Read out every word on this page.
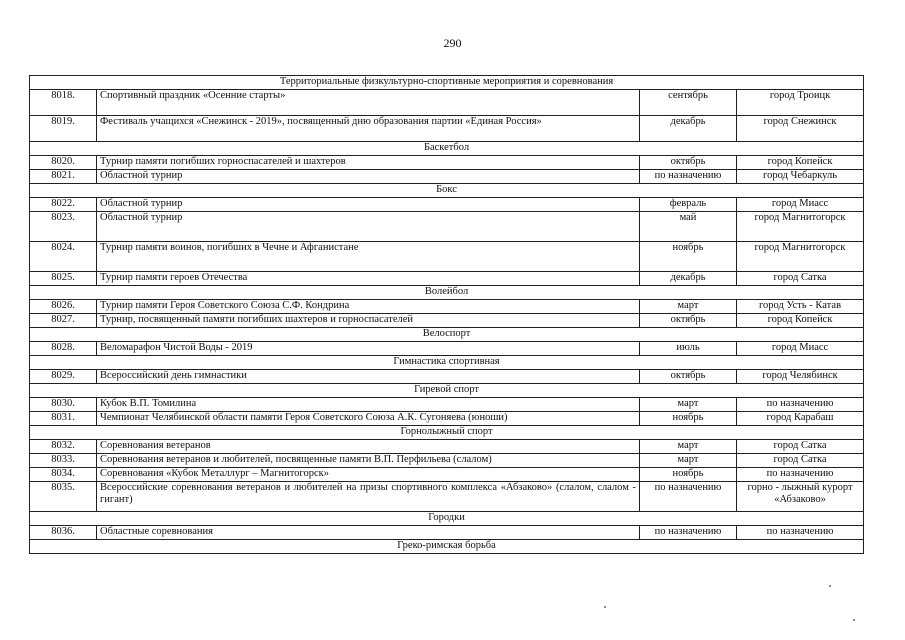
290
Территориальные физкультурно-спортивные мероприятия и соревнования			
8018.	Спортивный праздник «Осенние старты»	сентябрь	город Троицк
8019.	Фестиваль учащихся «Снежинск - 2019», посвященный дню образования партии «Единая Россия»	декабрь	город Снежинск
Баскетбол			
8020.	Турнир памяти погибших горноспасателей и шахтеров	октябрь	город Копейск
8021.	Областной турнир	по назначению	город Чебаркуль
Бокс			
8022.	Областной турнир	февраль	город Миасс
8023.	Областной турнир	май	город Магнитогорск
8024.	Турнир памяти воинов, погибших в Чечне и Афганистане	ноябрь	город Магнитогорск
8025.	Турнир памяти героев Отечества	декабрь	город Сатка
Волейбол			
8026.	Турнир памяти Героя Советского Союза С.Ф. Кондрина	март	город Усть - Катав
8027.	Турнир, посвященный памяти погибших шахтеров и горноспасателей	октябрь	город Копейск
Велоспорт			
8028.	Веломарафон Чистой Воды - 2019	июль	город Миасс
Гимнастика спортивная			
8029.	Всероссийский день гимнастики	октябрь	город Челябинск
Гиревой спорт			
8030.	Кубок В.П. Томилина	март	по назначению
8031.	Чемпионат Челябинской области памяти Героя Советского Союза А.К. Сугоняева (юноши)	ноябрь	город Карабаш
Горнолыжный спорт			
8032.	Соревнования ветеранов	март	город Сатка
8033.	Соревнования ветеранов и любителей, посвященные памяти В.П. Перфильева (слалом)	март	город Сатка
8034.	Соревнования «Кубок Металлург – Магнитогорск»	ноябрь	по назначению
8035.	Всероссийские соревнования ветеранов и любителей на призы спортивного комплекса «Абзаково» (слалом, слалом - гигант)	по назначению	горно - лыжный курорт «Абзаково»
Городки			
8036.	Областные соревнования	по назначению	по назначению
Греко-римская борьба			
